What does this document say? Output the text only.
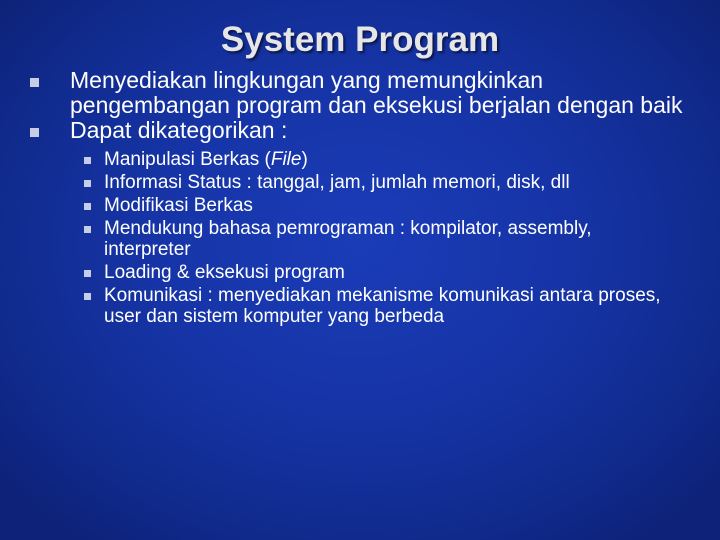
System Program
Menyediakan lingkungan yang memungkinkan pengembangan program dan eksekusi berjalan dengan baik
Dapat dikategorikan :
Manipulasi Berkas (File)
Informasi Status : tanggal, jam, jumlah memori, disk, dll
Modifikasi Berkas
Mendukung bahasa pemrograman : kompilator, assembly, interpreter
Loading & eksekusi program
Komunikasi : menyediakan mekanisme komunikasi antara proses, user dan sistem komputer yang berbeda
